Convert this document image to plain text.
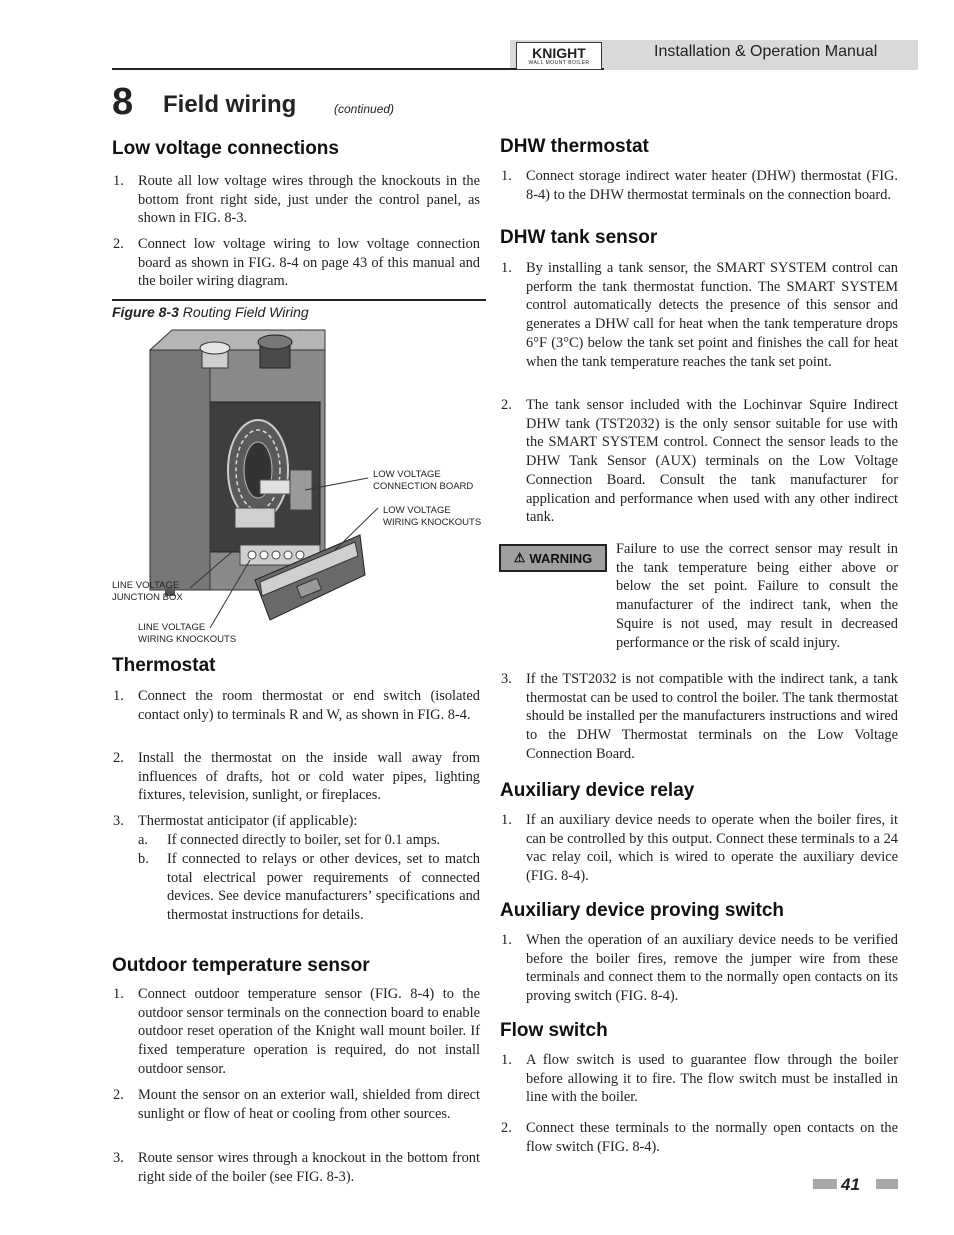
KNIGHT
WALL MOUNT BOILER
Installation & Operation Manual
8 Field wiring	(continued)
Low voltage connections
1. Route all low voltage wires through the knockouts in the bottom front right side, just under the control panel, as shown in FIG. 8-3.
2. Connect low voltage wiring to low voltage connection board as shown in FIG. 8-4 on page 43 of this manual and the boiler wiring diagram.
Figure 8-3 Routing Field Wiring
LOW VOLTAGE
CONNECTION BOARD
LOW VOLTAGE
WIRING KNOCKOUTS
LINE VOLTAGE
JUNCTION BOX
LINE VOLTAGE
WIRING KNOCKOUTS
Thermostat
1. Connect the room thermostat or end switch (isolated contact only) to terminals R and W, as shown in FIG. 8-4.
2. Install the thermostat on the inside wall away from influences of drafts, hot or cold water pipes, lighting fixtures, television, sunlight, or fireplaces.
3. Thermostat anticipator (if applicable):
a. If connected directly to boiler, set for 0.1 amps.
b. If connected to relays or other devices, set to match total electrical power requirements of connected devices. See device manufacturers’ specifications and thermostat instructions for details.
Outdoor temperature sensor
1. Connect outdoor temperature sensor (FIG. 8-4) to the outdoor sensor terminals on the connection board to enable outdoor reset operation of the Knight wall mount boiler. If fixed temperature operation is required, do not install outdoor sensor.
2. Mount the sensor on an exterior wall, shielded from direct sunlight or flow of heat or cooling from other sources.
3. Route sensor wires through a knockout in the bottom front right side of the boiler (see FIG. 8-3).
DHW thermostat
1. Connect storage indirect water heater (DHW) thermostat (FIG. 8-4) to the DHW thermostat terminals on the connection board.
DHW tank sensor
1. By installing a tank sensor, the SMART SYSTEM control can perform the tank thermostat function. The SMART SYSTEM control automatically detects the presence of this sensor and generates a DHW call for heat when the tank temperature drops 6°F (3°C) below the tank set point and finishes the call for heat when the tank temperature reaches the tank set point.
2. The tank sensor included with the Lochinvar Squire Indirect DHW tank (TST2032) is the only sensor suitable for use with the SMART SYSTEM control. Connect the sensor leads to the DHW Tank Sensor (AUX) terminals on the Low Voltage Connection Board. Consult the tank manufacturer for application and performance when used with any other indirect tank.
⚠ WARNING
Failure to use the correct sensor may result in the tank temperature being either above or below the set point. Failure to consult the manufacturer of the indirect tank, when the Squire is not used, may result in decreased performance or the risk of scald injury.
3. If the TST2032 is not compatible with the indirect tank, a tank thermostat can be used to control the boiler. The tank thermostat should be installed per the manufacturers instructions and wired to the DHW Thermostat terminals on the Low Voltage Connection Board.
Auxiliary device relay
1. If an auxiliary device needs to operate when the boiler fires, it can be controlled by this output. Connect these terminals to a 24 vac relay coil, which is wired to operate the auxiliary device (FIG. 8-4).
Auxiliary device proving switch
1. When the operation of an auxiliary device needs to be verified before the boiler fires, remove the jumper wire from these terminals and connect them to the normally open contacts on its proving switch (FIG. 8-4).
Flow switch
1. A flow switch is used to guarantee flow through the boiler before allowing it to fire. The flow switch must be installed in line with the boiler.
2. Connect these terminals to the normally open contacts on the flow switch (FIG. 8-4).
41
